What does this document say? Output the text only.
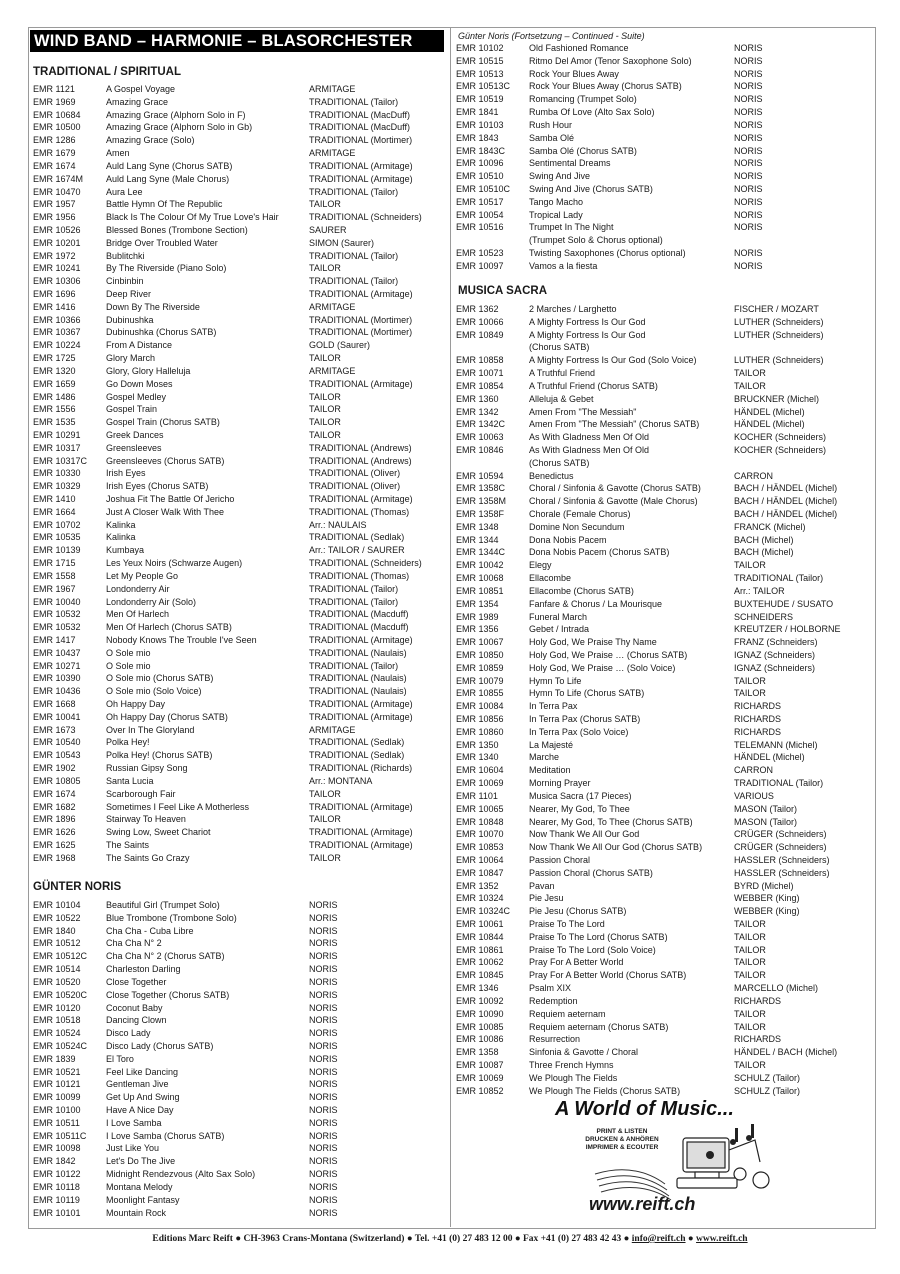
WIND BAND – HARMONIE – BLASORCHESTER
TRADITIONAL / SPIRITUAL
EMR 1121	A Gospel Voyage	ARMITAGE
EMR 1969	Amazing Grace	TRADITIONAL (Tailor)
EMR 10684	Amazing Grace (Alphorn Solo in F)	TRADITIONAL (MacDuff)
EMR 10500	Amazing Grace (Alphorn Solo in Gb)	TRADITIONAL (MacDuff)
EMR 1286	Amazing Grace (Solo)	TRADITIONAL (Mortimer)
EMR 1679	Amen	ARMITAGE
EMR 1674	Auld Lang Syne (Chorus SATB)	TRADITIONAL (Armitage)
EMR 1674M	Auld Lang Syne (Male Chorus)	TRADITIONAL (Armitage)
EMR 10470	Aura Lee	TRADITIONAL (Tailor)
EMR 1957	Battle Hymn Of The Republic	TAILOR
EMR 1956	Black Is The Colour Of My True Love's Hair	TRADITIONAL (Schneiders)
EMR 10526	Blessed Bones (Trombone Section)	SAURER
EMR 10201	Bridge Over Troubled Water	SIMON (Saurer)
EMR 1972	Bublitchki	TRADITIONAL (Tailor)
EMR 10241	By The Riverside (Piano Solo)	TAILOR
EMR 10306	Cinbinbin	TRADITIONAL (Tailor)
EMR 1696	Deep River	TRADITIONAL (Armitage)
EMR 1416	Down By The Riverside	ARMITAGE
EMR 10366	Dubinushka	TRADITIONAL (Mortimer)
EMR 10367	Dubinushka (Chorus SATB)	TRADITIONAL (Mortimer)
EMR 10224	From A Distance	GOLD (Saurer)
EMR 1725	Glory March	TAILOR
EMR 1320	Glory, Glory Halleluja	ARMITAGE
EMR 1659	Go Down Moses	TRADITIONAL (Armitage)
EMR 1486	Gospel Medley	TAILOR
EMR 1556	Gospel Train	TAILOR
EMR 1535	Gospel Train (Chorus SATB)	TAILOR
EMR 10291	Greek Dances	TAILOR
EMR 10317	Greensleeves	TRADITIONAL (Andrews)
EMR 10317C	Greensleeves (Chorus SATB)	TRADITIONAL (Andrews)
EMR 10330	Irish Eyes	TRADITIONAL (Oliver)
EMR 10329	Irish Eyes (Chorus SATB)	TRADITIONAL (Oliver)
EMR 1410	Joshua Fit The Battle Of Jericho	TRADITIONAL (Armitage)
EMR 1664	Just A Closer Walk With Thee	TRADITIONAL (Thomas)
EMR 10702	Kalinka	Arr.: NAULAIS
EMR 10535	Kalinka	TRADITIONAL (Sedlak)
EMR 10139	Kumbaya	Arr.: TAILOR / SAURER
EMR 1715	Les Yeux Noirs (Schwarze Augen)	TRADITIONAL (Schneiders)
EMR 1558	Let My People Go	TRADITIONAL (Thomas)
EMR 1967	Londonderry Air	TRADITIONAL (Tailor)
EMR 10040	Londonderry Air (Solo)	TRADITIONAL (Tailor)
EMR 10532	Men Of Harlech	TRADITIONAL (Macduff)
EMR 10532	Men Of Harlech (Chorus SATB)	TRADITIONAL (Macduff)
EMR 1417	Nobody Knows The Trouble I've Seen	TRADITIONAL (Armitage)
EMR 10437	O Sole mio	TRADITIONAL (Naulais)
EMR 10271	O Sole mio	TRADITIONAL (Tailor)
EMR 10390	O Sole mio (Chorus SATB)	TRADITIONAL (Naulais)
EMR 10436	O Sole mio (Solo Voice)	TRADITIONAL (Naulais)
EMR 1668	Oh Happy Day	TRADITIONAL (Armitage)
EMR 10041	Oh Happy Day (Chorus SATB)	TRADITIONAL (Armitage)
EMR 1673	Over In The Gloryland	ARMITAGE
EMR 10540	Polka Hey!	TRADITIONAL (Sedlak)
EMR 10543	Polka Hey! (Chorus SATB)	TRADITIONAL (Sedlak)
EMR 1902	Russian Gipsy Song	TRADITIONAL (Richards)
EMR 10805	Santa Lucia	Arr.: MONTANA
EMR 1674	Scarborough Fair	TAILOR
EMR 1682	Sometimes I Feel Like A Motherless	TRADITIONAL (Armitage)
EMR 1896	Stairway To Heaven	TAILOR
EMR 1626	Swing Low, Sweet Chariot	TRADITIONAL (Armitage)
EMR 1625	The Saints	TRADITIONAL (Armitage)
EMR 1968	The Saints Go Crazy	TAILOR
GÜNTER NORIS
EMR 10104	Beautiful Girl (Trumpet Solo)	NORIS
EMR 10522	Blue Trombone (Trombone Solo)	NORIS
EMR 1840	Cha Cha - Cuba Libre	NORIS
EMR 10512	Cha Cha N° 2	NORIS
EMR 10512C	Cha Cha N° 2 (Chorus SATB)	NORIS
EMR 10514	Charleston Darling	NORIS
EMR 10520	Close Together	NORIS
EMR 10520C	Close Together (Chorus SATB)	NORIS
EMR 10120	Coconut Baby	NORIS
EMR 10518	Dancing Clown	NORIS
EMR 10524	Disco Lady	NORIS
EMR 10524C	Disco Lady (Chorus SATB)	NORIS
EMR 1839	El Toro	NORIS
EMR 10521	Feel Like Dancing	NORIS
EMR 10121	Gentleman Jive	NORIS
EMR 10099	Get Up And Swing	NORIS
EMR 10100	Have A Nice Day	NORIS
EMR 10511	I Love Samba	NORIS
EMR 10511C	I Love Samba (Chorus SATB)	NORIS
EMR 10098	Just Like You	NORIS
EMR 1842	Let's Do The Jive	NORIS
EMR 10122	Midnight Rendezvous (Alto Sax Solo)	NORIS
EMR 10118	Montana Melody	NORIS
EMR 10119	Moonlight Fantasy	NORIS
EMR 10101	Mountain Rock	NORIS
Günter Noris (Fortsetzung – Continued - Suite)
EMR 10102	Old Fashioned Romance	NORIS
EMR 10515	Ritmo Del Amor (Tenor Saxophone Solo)	NORIS
EMR 10513	Rock Your Blues Away	NORIS
EMR 10513C	Rock Your Blues Away (Chorus SATB)	NORIS
EMR 10519	Romancing (Trumpet Solo)	NORIS
EMR 1841	Rumba Of Love (Alto Sax Solo)	NORIS
EMR 10103	Rush Hour	NORIS
EMR 1843	Samba Olé	NORIS
EMR 1843C	Samba Olé (Chorus SATB)	NORIS
EMR 10096	Sentimental Dreams	NORIS
EMR 10510	Swing And Jive	NORIS
EMR 10510C	Swing And Jive (Chorus SATB)	NORIS
EMR 10517	Tango Macho	NORIS
EMR 10054	Tropical Lady	NORIS
EMR 10516	Trumpet In The Night	NORIS
(Trumpet Solo & Chorus optional)
EMR 10523	Twisting Saxophones (Chorus optional)	NORIS
EMR 10097	Vamos a la fiesta	NORIS
MUSICA SACRA
EMR 1362	2 Marches / Larghetto	FISCHER / MOZART
EMR 10066	A Mighty Fortress Is Our God	LUTHER (Schneiders)
EMR 10849	A Mighty Fortress Is Our God	LUTHER (Schneiders)
(Chorus SATB)
EMR 10858	A Mighty Fortress Is Our God (Solo Voice)	LUTHER (Schneiders)
EMR 10071	A Truthful Friend	TAILOR
EMR 10854	A Truthful Friend (Chorus SATB)	TAILOR
EMR 1360	Alleluja & Gebet	BRUCKNER (Michel)
EMR 1342	Amen From "The Messiah"	HÄNDEL (Michel)
EMR 1342C	Amen From "The Messiah" (Chorus SATB)	HÄNDEL (Michel)
EMR 10063	As With Gladness Men Of Old	KOCHER (Schneiders)
EMR 10846	As With Gladness Men Of Old	KOCHER (Schneiders)
(Chorus SATB)
EMR 10594	Benedictus	CARRON
EMR 1358C	Choral / Sinfonia & Gavotte (Chorus SATB)	BACH / HÄNDEL (Michel)
EMR 1358M	Choral / Sinfonia & Gavotte (Male Chorus)	BACH / HÄNDEL (Michel)
EMR 1358F	Chorale (Female Chorus)	BACH / HÄNDEL (Michel)
EMR 1348	Domine Non Secundum	FRANCK (Michel)
EMR 1344	Dona Nobis Pacem	BACH (Michel)
EMR 1344C	Dona Nobis Pacem (Chorus SATB)	BACH (Michel)
EMR 10042	Elegy	TAILOR
EMR 10068	Ellacombe	TRADITIONAL (Tailor)
EMR 10851	Ellacombe (Chorus SATB)	Arr.: TAILOR
EMR 1354	Fanfare & Chorus / La Mourisque	BUXTEHUDE / SUSATO
EMR 1989	Funeral March	SCHNEIDERS
EMR 1356	Gebet / Intrada	KREUTZER / HOLBORNE
EMR 10067	Holy God, We Praise Thy Name	FRANZ (Schneiders)
EMR 10850	Holy God, We Praise … (Chorus SATB)	IGNAZ (Schneiders)
EMR 10859	Holy God, We Praise … (Solo Voice)	IGNAZ (Schneiders)
EMR 10079	Hymn To Life	TAILOR
EMR 10855	Hymn To Life (Chorus SATB)	TAILOR
EMR 10084	In Terra Pax	RICHARDS
EMR 10856	In Terra Pax (Chorus SATB)	RICHARDS
EMR 10860	In Terra Pax (Solo Voice)	RICHARDS
EMR 1350	La Majesté	TELEMANN (Michel)
EMR 1340	Marche	HÄNDEL (Michel)
EMR 10604	Meditation	CARRON
EMR 10069	Morning Prayer	TRADITIONAL (Tailor)
EMR 1101	Musica Sacra (17 Pieces)	VARIOUS
EMR 10065	Nearer, My God, To Thee	MASON (Tailor)
EMR 10848	Nearer, My God, To Thee (Chorus SATB)	MASON (Tailor)
EMR 10070	Now Thank We All Our God	CRÜGER (Schneiders)
EMR 10853	Now Thank We All Our God (Chorus SATB)	CRÜGER (Schneiders)
EMR 10064	Passion Choral	HASSLER (Schneiders)
EMR 10847	Passion Choral (Chorus SATB)	HASSLER (Schneiders)
EMR 1352	Pavan	BYRD (Michel)
EMR 10324	Pie Jesu	WEBBER (King)
EMR 10324C	Pie Jesu (Chorus SATB)	WEBBER (King)
EMR 10061	Praise To The Lord	TAILOR
EMR 10844	Praise To The Lord (Chorus SATB)	TAILOR
EMR 10861	Praise To The Lord (Solo Voice)	TAILOR
EMR 10062	Pray For A Better World	TAILOR
EMR 10845	Pray For A Better World (Chorus SATB)	TAILOR
EMR 1346	Psalm XIX	MARCELLO (Michel)
EMR 10092	Redemption	RICHARDS
EMR 10090	Requiem aeternam	TAILOR
EMR 10085	Requiem aeternam (Chorus SATB)	TAILOR
EMR 10086	Resurrection	RICHARDS
EMR 1358	Sinfonia & Gavotte / Choral	HÄNDEL / BACH (Michel)
EMR 10087	Three French Hymns	TAILOR
EMR 10069	We Plough The Fields	SCHULZ (Tailor)
EMR 10852	We Plough The Fields (Chorus SATB)	SCHULZ (Tailor)
A World of Music...
PRINT & LISTEN
DRUCKEN & ANHÖREN
IMPRIMER & ECOUTER
www.reift.ch
Editions Marc Reift ● CH-3963 Crans-Montana (Switzerland) ● Tel. +41 (0) 27 483 12 00 ● Fax +41 (0) 27 483 42 43 ● info@reift.ch ● www.reift.ch
